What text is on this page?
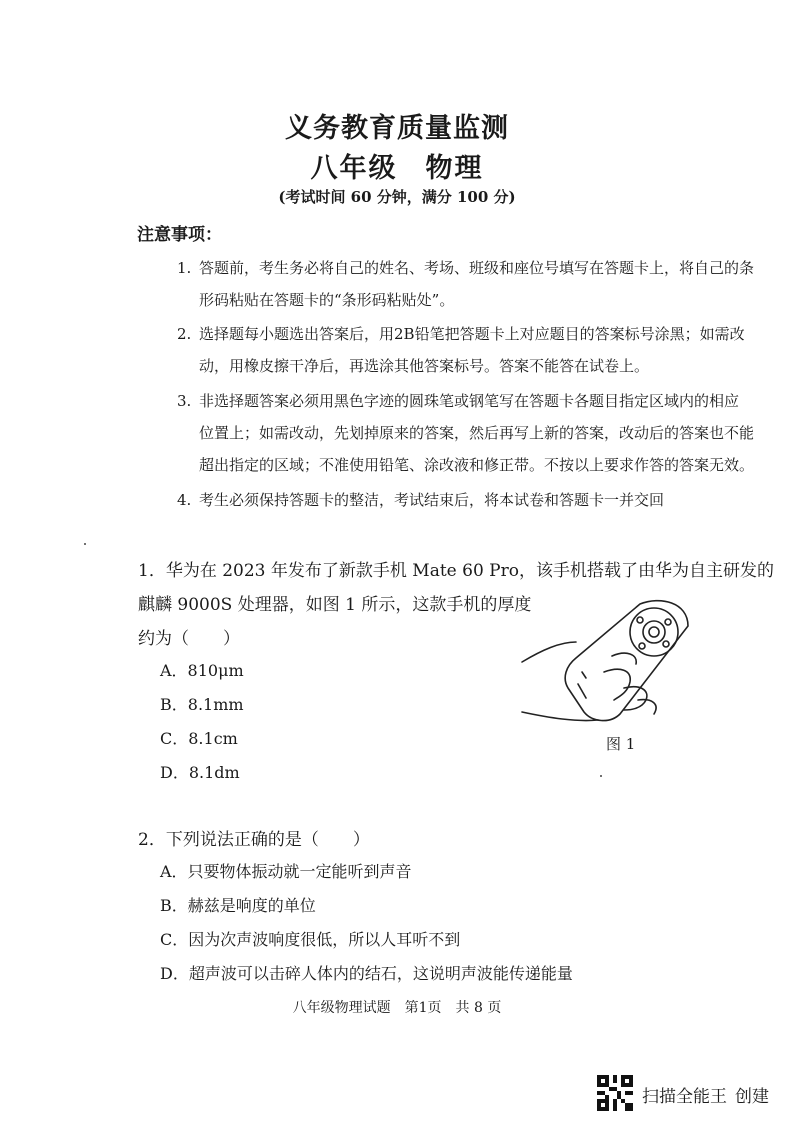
义务教育质量监测
八年级 物理
(考试时间 60 分钟，满分 100 分)
注意事项：
1. 答题前，考生务必将自己的姓名、考场、班级和座位号填写在答题卡上，将自己的条
形码粘贴在答题卡的“条形码粘贴处”。
2. 选择题每小题选出答案后，用2B铅笔把答题卡上对应题目的答案标号涂黑；如需改
动，用橡皮擦干净后，再选涂其他答案标号。答案不能答在试卷上。
3. 非选择题答案必须用黑色字迹的圆珠笔或钢笔写在答题卡各题目指定区域内的相应
位置上；如需改动，先划掉原来的答案，然后再写上新的答案，改动后的答案也不能
超出指定的区域；不准使用铅笔、涂改液和修正带。不按以上要求作答的答案无效。
4. 考生必须保持答题卡的整洁，考试结束后，将本试卷和答题卡一并交回
1．华为在 2023 年发布了新款手机 Mate 60 Pro，该手机搭载了由华为自主研发的
麒麟 9000S 处理器，如图 1 所示，这款手机的厚度
约为（　　）
A．810μm
B．8.1mm
C．8.1cm
D．8.1dm
图 1
2．下列说法正确的是（　　）
A．只要物体振动就一定能听到声音
B．赫兹是响度的单位
C．因为次声波响度很低，所以人耳听不到
D．超声波可以击碎人体内的结石，这说明声波能传递能量
八年级物理试题 第1页 共 8 页
扫描全能王 创建
